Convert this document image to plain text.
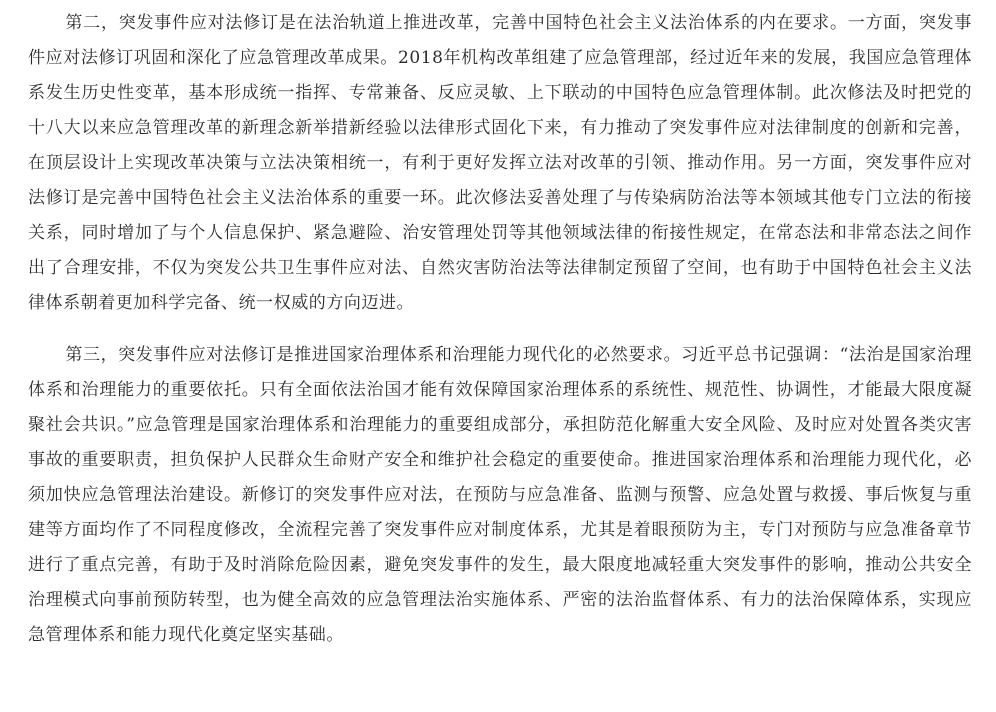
第二，突发事件应对法修订是在法治轨道上推进改革，完善中国特色社会主义法治体系的内在要求。一方面，突发事件应对法修订巩固和深化了应急管理改革成果。2018年机构改革组建了应急管理部，经过近年来的发展，我国应急管理体系发生历史性变革，基本形成统一指挥、专常兼备、反应灵敏、上下联动的中国特色应急管理体制。此次修法及时把党的十八大以来应急管理改革的新理念新举措新经验以法律形式固化下来，有力推动了突发事件应对法律制度的创新和完善，在顶层设计上实现改革决策与立法决策相统一，有利于更好发挥立法对改革的引领、推动作用。另一方面，突发事件应对法修订是完善中国特色社会主义法治体系的重要一环。此次修法妥善处理了与传染病防治法等本领域其他专门立法的衔接关系，同时增加了与个人信息保护、紧急避险、治安管理处罚等其他领域法律的衔接性规定，在常态法和非常态法之间作出了合理安排，不仅为突发公共卫生事件应对法、自然灾害防治法等法律制定预留了空间，也有助于中国特色社会主义法律体系朝着更加科学完备、统一权威的方向迈进。

第三，突发事件应对法修订是推进国家治理体系和治理能力现代化的必然要求。习近平总书记强调：“法治是国家治理体系和治理能力的重要依托。只有全面依法治国才能有效保障国家治理体系的系统性、规范性、协调性，才能最大限度凝聚社会共识。”应急管理是国家治理体系和治理能力的重要组成部分，承担防范化解重大安全风险、及时应对处置各类灾害事故的重要职责，担负保护人民群众生命财产安全和维护社会稳定的重要使命。推进国家治理体系和治理能力现代化，必须加快应急管理法治建设。新修订的突发事件应对法，在预防与应急准备、监测与预警、应急处置与救援、事后恢复与重建等方面均作了不同程度修改，全流程完善了突发事件应对制度体系，尤其是着眼预防为主，专门对预防与应急准备章节进行了重点完善，有助于及时消除危险因素，避免突发事件的发生，最大限度地减轻重大突发事件的影响，推动公共安全治理模式向事前预防转型，也为健全高效的应急管理法治实施体系、严密的法治监督体系、有力的法治保障体系，实现应急管理体系和能力现代化奠定坚实基础。
